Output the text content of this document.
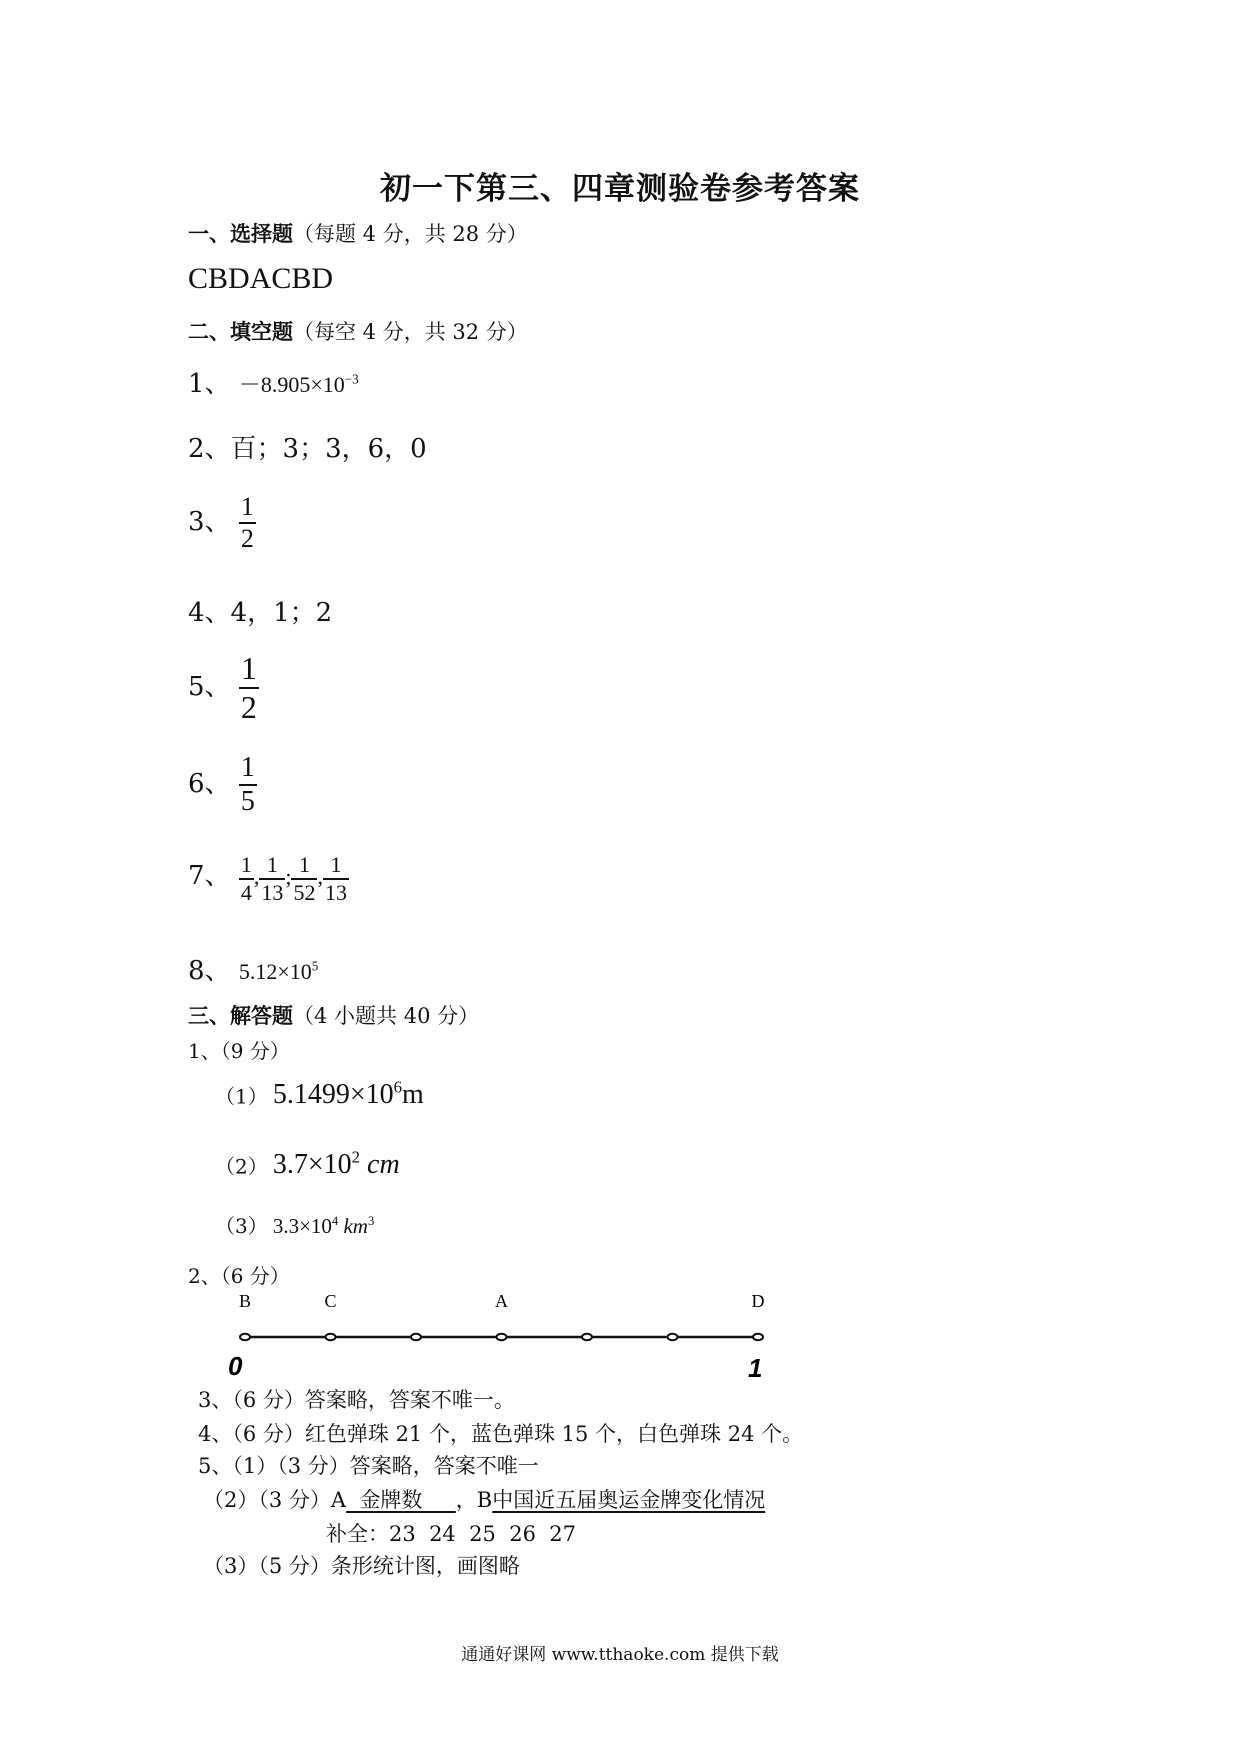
初一下第三、四章测验卷参考答案
一、选择题（每题 4 分，共 28 分）
CBDACBD
二、填空题（每空 4 分，共 32 分）
1、 $-8.905\times 10^{-3}$
2、百；3；3，6，0
3、 $\frac{1}{2}$
4、4，1；2
5、 $\frac{1}{2}$
6、 $\frac{1}{5}$
7、 $\frac{1}{4}$ , $\frac{1}{13}$ ; $\frac{1}{52}$ , $\frac{1}{13}$
8、 $5.12\times 10^5$
三、解答题（4 小题共 40 分）
1、（9 分）
（1） $5.1499\times 10^6m$
（2） $3.7\times 10^2$ cm
（3） $3.3\times 10^4$ $km^3$
2、（6 分）
B	C	A	D
0	1
3、（6 分）答案略，答案不唯一。
4、（6 分）红色弹珠 21 个，蓝色弹珠 15 个，白色弹珠 24 个。
5、（1）（3 分）答案略，答案不唯一
（2）（3 分）A  金牌数     ，B中国近五届奥运金牌变化情况
补全：23  24  25  26  27
（3）（5 分）条形统计图，画图略
通通好课网 www.tthaoke.com 提供下载
